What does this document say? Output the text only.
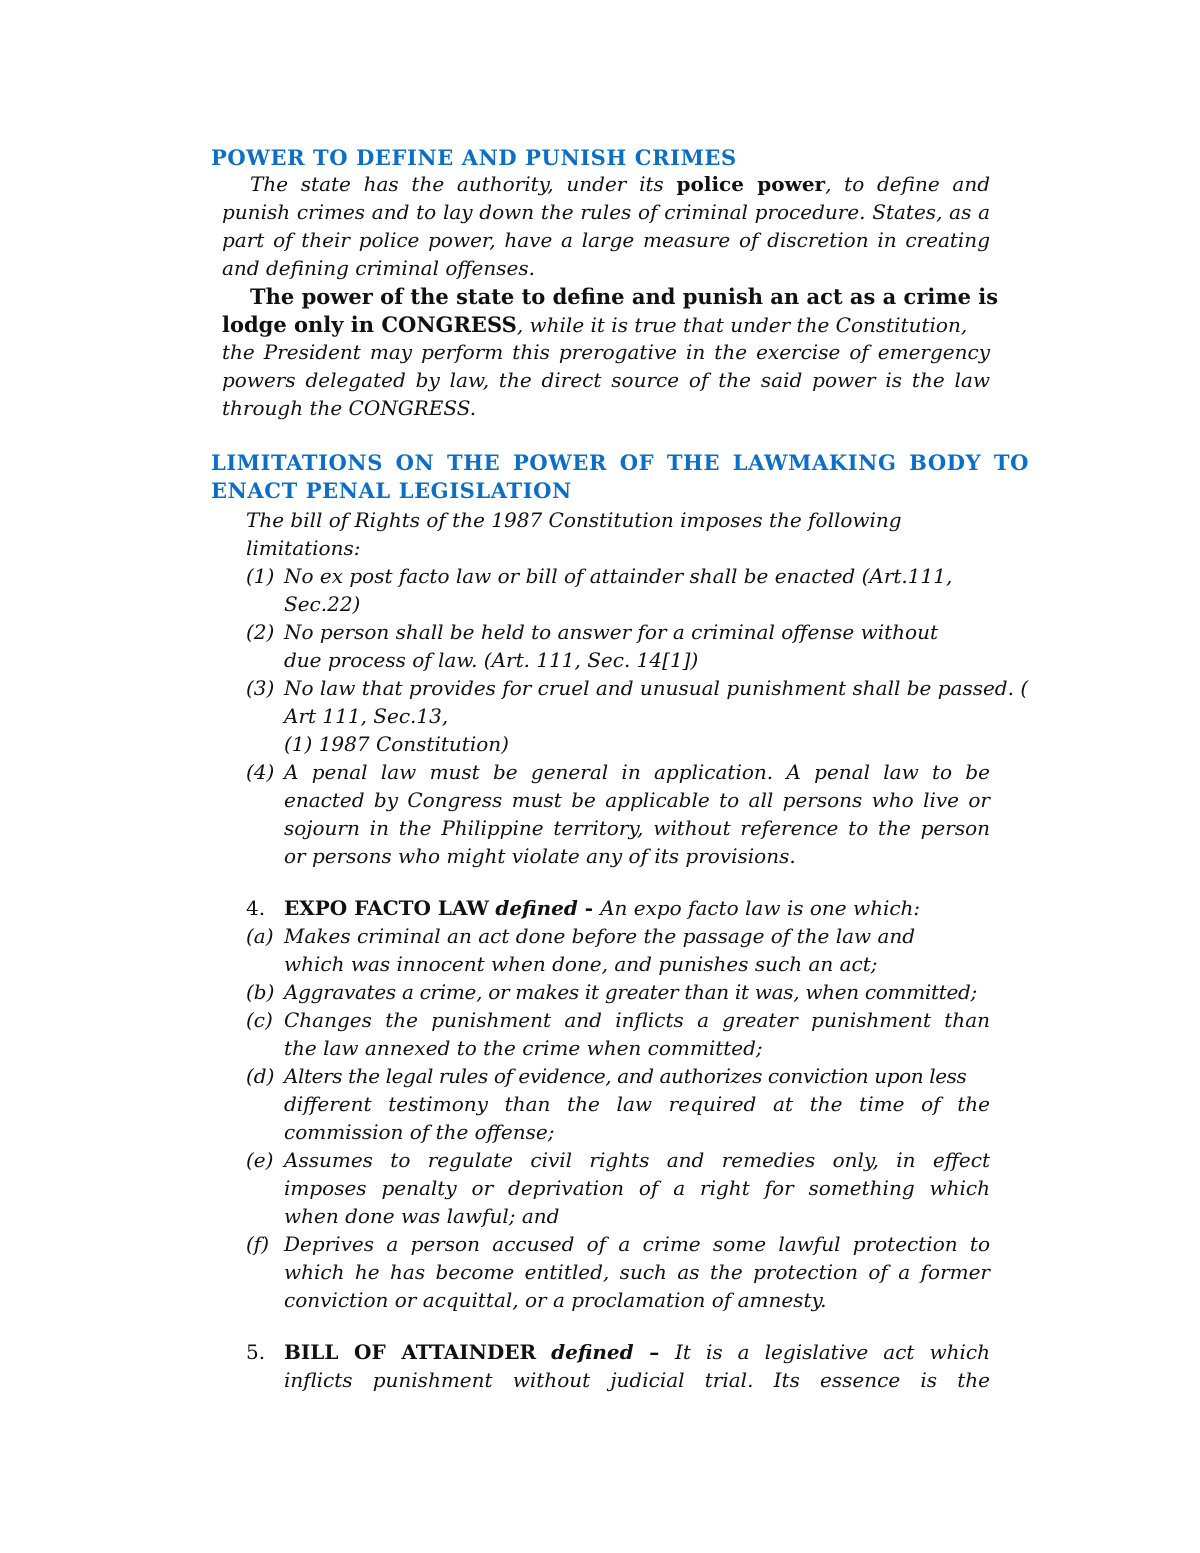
POWER TO DEFINE AND PUNISH CRIMES
The state has the authority, under its police power, to define and
punish crimes and to lay down the rules of criminal procedure. States, as a
part of their police power, have a large measure of discretion in creating
and defining criminal offenses.
The power of the state to define and punish an act as a crime is
lodge only in CONGRESS, while it is true that under the Constitution,
the President may perform this prerogative in the exercise of emergency
powers delegated by law, the direct source of the said power is the law
through the CONGRESS.
LIMITATIONS ON THE POWER OF THE LAWMAKING BODY TO
ENACT PENAL LEGISLATION
The bill of Rights of the 1987 Constitution imposes the following
limitations:
(1) No ex post facto law or bill of attainder shall be enacted (Art.111,
Sec.22)
(2) No person shall be held to answer for a criminal offense without
due process of law. (Art. 111, Sec. 14[1])
(3) No law that provides for cruel and unusual punishment shall be passed. (
Art 111, Sec.13,
(1) 1987 Constitution)
(4) A penal law must be general in application. A penal law to be
enacted by Congress must be applicable to all persons who live or
sojourn in the Philippine territory, without reference to the person
or persons who might violate any of its provisions.
4. EXPO FACTO LAW defined - An expo facto law is one which:
(a) Makes criminal an act done before the passage of the law and
which was innocent when done, and punishes such an act;
(b) Aggravates a crime, or makes it greater than it was, when committed;
(c) Changes the punishment and inflicts a greater punishment than
the law annexed to the crime when committed;
(d) Alters the legal rules of evidence, and authorizes conviction upon less
different testimony than the law required at the time of the
commission of the offense;
(e) Assumes to regulate civil rights and remedies only, in effect
imposes penalty or deprivation of a right for something which
when done was lawful; and
(f) Deprives a person accused of a crime some lawful protection to
which he has become entitled, such as the protection of a former
conviction or acquittal, or a proclamation of amnesty.
5. BILL OF ATTAINDER defined – It is a legislative act which
inflicts punishment without judicial trial. Its essence is the
